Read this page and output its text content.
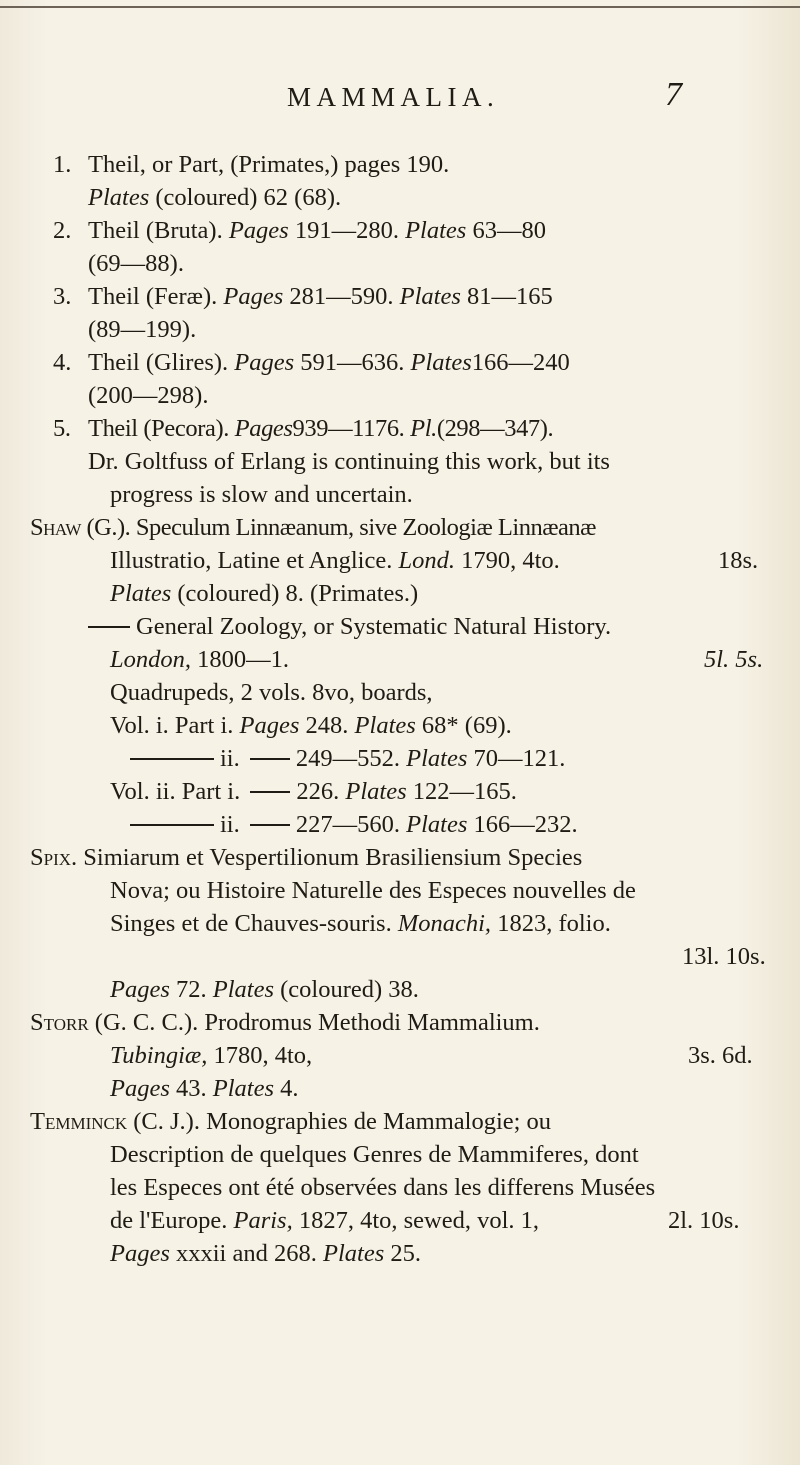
MAMMALIA.	7
1. Theil, or Part, (Primates,) pages 190.
Plates (coloured) 62 (68).
2. Theil (Bruta). Pages 191—280. Plates 63—80
(69—88).
3. Theil (Feræ). Pages 281—590. Plates 81—165
(89—199).
4. Theil (Glires). Pages 591—636. Plates166—240
(200—298).
5. Theil (Pecora). Pages939—1176. Pl.(298—347).
Dr. Goltfuss of Erlang is continuing this work, but its
progress is slow and uncertain.
Shaw (G.). Speculum Linnæanum, sive Zoologiæ Linnæanæ
Illustratio, Latine et Anglice. Lond. 1790, 4to.	18s.
Plates (coloured) 8. (Primates.)
General Zoology, or Systematic Natural History.
London, 1800—1.	5l. 5s.
Quadrupeds, 2 vols. 8vo, boards,
Vol. i. Part i. Pages 248. Plates 68* (69).
ii. 249—552. Plates 70—121.
Vol. ii. Part i. 226. Plates 122—165.
ii. 227—560. Plates 166—232.
Spix. Simiarum et Vespertilionum Brasiliensium Species
Nova; ou Histoire Naturelle des Especes nouvelles de
Singes et de Chauves-souris. Monachi, 1823, folio.
13l. 10s.
Pages 72. Plates (coloured) 38.
Storr (G. C. C.). Prodromus Methodi Mammalium.
Tubingiæ, 1780, 4to,	3s. 6d.
Pages 43. Plates 4.
Temminck (C. J.). Monographies de Mammalogie; ou
Description de quelques Genres de Mammiferes, dont
les Especes ont été observées dans les differens Musées
de l'Europe. Paris, 1827, 4to, sewed, vol. 1,	2l. 10s.
Pages xxxii and 268. Plates 25.
